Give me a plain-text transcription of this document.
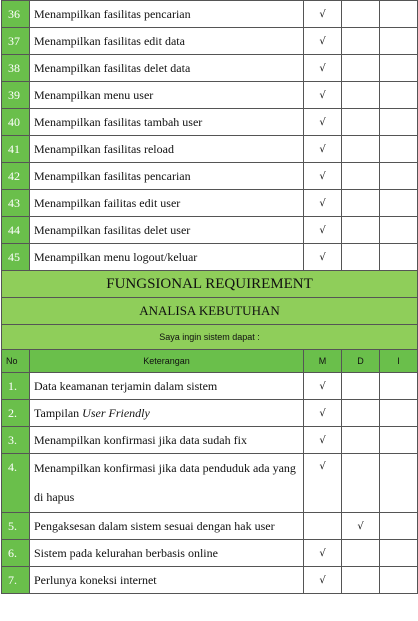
36	Menampilkan fasilitas pencarian	√		
37	Menampilkan fasilitas edit data	√		
38	Menampilkan fasilitas delet data	√		
39	Menampilkan menu user	√		
40	Menampilkan fasilitas tambah user	√		
41	Menampilkan fasilitas reload	√		
42	Menampilkan fasilitas pencarian	√		
43	Menampilkan failitas edit user	√		
44	Menampilkan fasilitas delet user	√		
45	Menampilkan menu logout/keluar	√		
FUNGSIONAL REQUIREMENT				
ANALISA KEBUTUHAN				
Saya ingin sistem dapat :				
No	Keterangan	M	D	I
1.	Data keamanan terjamin dalam sistem	√		
2.	Tampilan User Friendly	√		
3.	Menampilkan konfirmasi jika data sudah fix	√		
4.	Menampilkan konfirmasi jika data penduduk ada yang
di hapus	√		
5.	Pengaksesan dalam sistem sesuai dengan hak user		√	
6.	Sistem pada kelurahan berbasis online	√		
7.	Perlunya koneksi internet	√		
